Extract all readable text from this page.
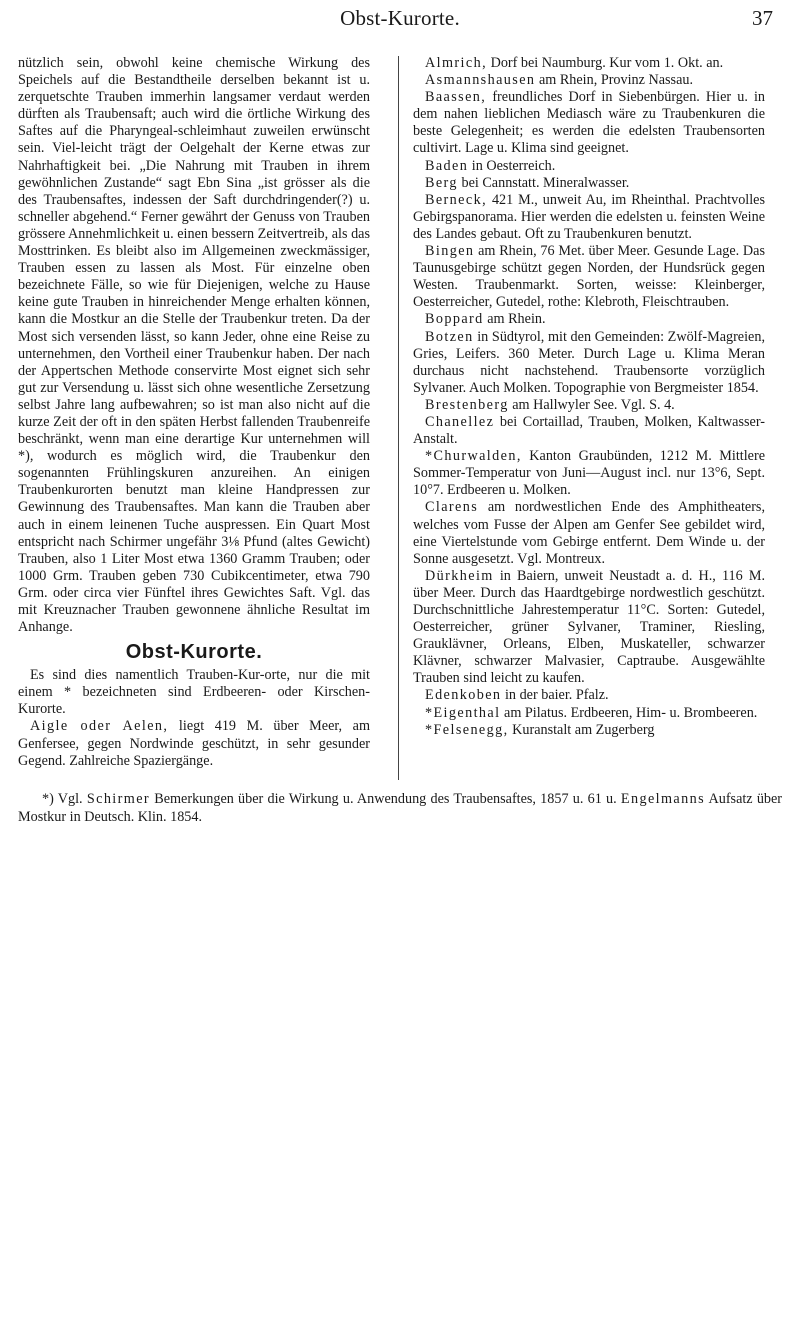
Obst-Kurorte.	37

nützlich sein, obwohl keine chemische Wirkung des Speichels auf die Bestandtheile derselben bekannt ist u. zerquetschte Trauben immerhin langsamer verdaut werden dürften als Traubensaft; auch wird die örtliche Wirkung des Saftes auf die Pharyngeal-schleimhaut zuweilen erwünscht sein. Viel-leicht trägt der Oelgehalt der Kerne etwas zur Nahrhaftigkeit bei. „Die Nahrung mit Trauben in ihrem gewöhnlichen Zustande“ sagt Ebn Sina „ist grösser als die des Traubensaftes, indessen der Saft durchdringender(?) u. schneller abgehend.“ Ferner gewährt der Genuss von Trauben grössere Annehmlichkeit u. einen bessern Zeitvertreib, als das Mosttrinken. Es bleibt also im Allgemeinen zweckmässiger, Trauben essen zu lassen als Most. Für einzelne oben bezeichnete Fälle, so wie für Diejenigen, welche zu Hause keine gute Trauben in hinreichender Menge erhalten können, kann die Mostkur an die Stelle der Traubenkur treten. Da der Most sich versenden lässt, so kann Jeder, ohne eine Reise zu unternehmen, den Vortheil einer Traubenkur haben. Der nach der Appertschen Methode conservirte Most eignet sich sehr gut zur Versendung u. lässt sich ohne wesentliche Zersetzung selbst Jahre lang aufbewahren; so ist man also nicht auf die kurze Zeit der oft in den späten Herbst fallenden Traubenreife beschränkt, wenn man eine derartige Kur unternehmen will *), wodurch es möglich wird, die Traubenkur den sogenannten Frühlingskuren anzureihen. An einigen Traubenkurorten benutzt man kleine Handpressen zur Gewinnung des Traubensaftes. Man kann die Trauben aber auch in einem leinenen Tuche auspressen. Ein Quart Most entspricht nach Schirmer ungefähr 3⅛ Pfund (altes Gewicht) Trauben, also 1 Liter Most etwa 1360 Gramm Trauben; oder 1000 Grm. Trauben geben 730 Cubikcentimeter, etwa 790 Grm. oder circa vier Fünftel ihres Gewichtes Saft. Vgl. das mit Kreuznacher Trauben gewonnene ähnliche Resultat im Anhange.

Obst-Kurorte.

Es sind dies namentlich Trauben-Kur-orte, nur die mit einem * bezeichneten sind Erdbeeren- oder Kirschen-Kurorte.

Aigle oder Aelen, liegt 419 M. über Meer, am Genfersee, gegen Nordwinde geschützt, in sehr gesunder Gegend. Zahlreiche Spaziergänge.

Almrich, Dorf bei Naumburg. Kur vom 1. Okt. an.

Asmannshausen am Rhein, Provinz Nassau.

Baassen, freundliches Dorf in Siebenbürgen. Hier u. in dem nahen lieblichen Mediasch wäre zu Traubenkuren die beste Gelegenheit; es werden die edelsten Traubensorten cultivirt. Lage u. Klima sind geeignet.

Baden in Oesterreich.

Berg bei Cannstatt. Mineralwasser.

Berneck, 421 M., unweit Au, im Rheinthal. Prachtvolles Gebirgspanorama. Hier werden die edelsten u. feinsten Weine des Landes gebaut. Oft zu Traubenkuren benutzt.

Bingen am Rhein, 76 Met. über Meer. Gesunde Lage. Das Taunusgebirge schützt gegen Norden, der Hundsrück gegen Westen. Traubenmarkt. Sorten, weisse: Kleinberger, Oesterreicher, Gutedel, rothe: Klebroth, Fleischtrauben.

Boppard am Rhein.

Botzen in Südtyrol, mit den Gemeinden: Zwölf-Magreien, Gries, Leifers. 360 Meter. Durch Lage u. Klima Meran durchaus nicht nachstehend. Traubensorte vorzüglich Sylvaner. Auch Molken. Topographie von Bergmeister 1854.

Brestenberg am Hallwyler See. Vgl. S. 4.

Chanellez bei Cortaillad, Trauben, Molken, Kaltwasser-Anstalt.

*Churwalden, Kanton Graubünden, 1212 M. Mittlere Sommer-Temperatur von Juni—August incl. nur 13°6, Sept. 10°7. Erdbeeren u. Molken.

Clarens am nordwestlichen Ende des Amphitheaters, welches vom Fusse der Alpen am Genfer See gebildet wird, eine Viertelstunde vom Gebirge entfernt. Dem Winde u. der Sonne ausgesetzt. Vgl. Montreux.

Dürkheim in Baiern, unweit Neustadt a. d. H., 116 M. über Meer. Durch das Haardtgebirge nordwestlich geschützt. Durchschnittliche Jahrestemperatur 11°C. Sorten: Gutedel, Oesterreicher, grüner Sylvaner, Traminer, Riesling, Grauklävner, Orleans, Elben, Muskateller, schwarzer Klävner, schwarzer Malvasier, Captraube. Ausgewählte Trauben sind leicht zu kaufen.

Edenkoben in der baier. Pfalz.

*Eigenthal am Pilatus. Erdbeeren, Him- u. Brombeeren.

*Felsenegg, Kuranstalt am Zugerberg

*) Vgl. Schirmer Bemerkungen über die Wirkung u. Anwendung des Traubensaftes, 1857 u. 61 u. Engelmanns Aufsatz über Mostkur in Deutsch. Klin. 1854.
